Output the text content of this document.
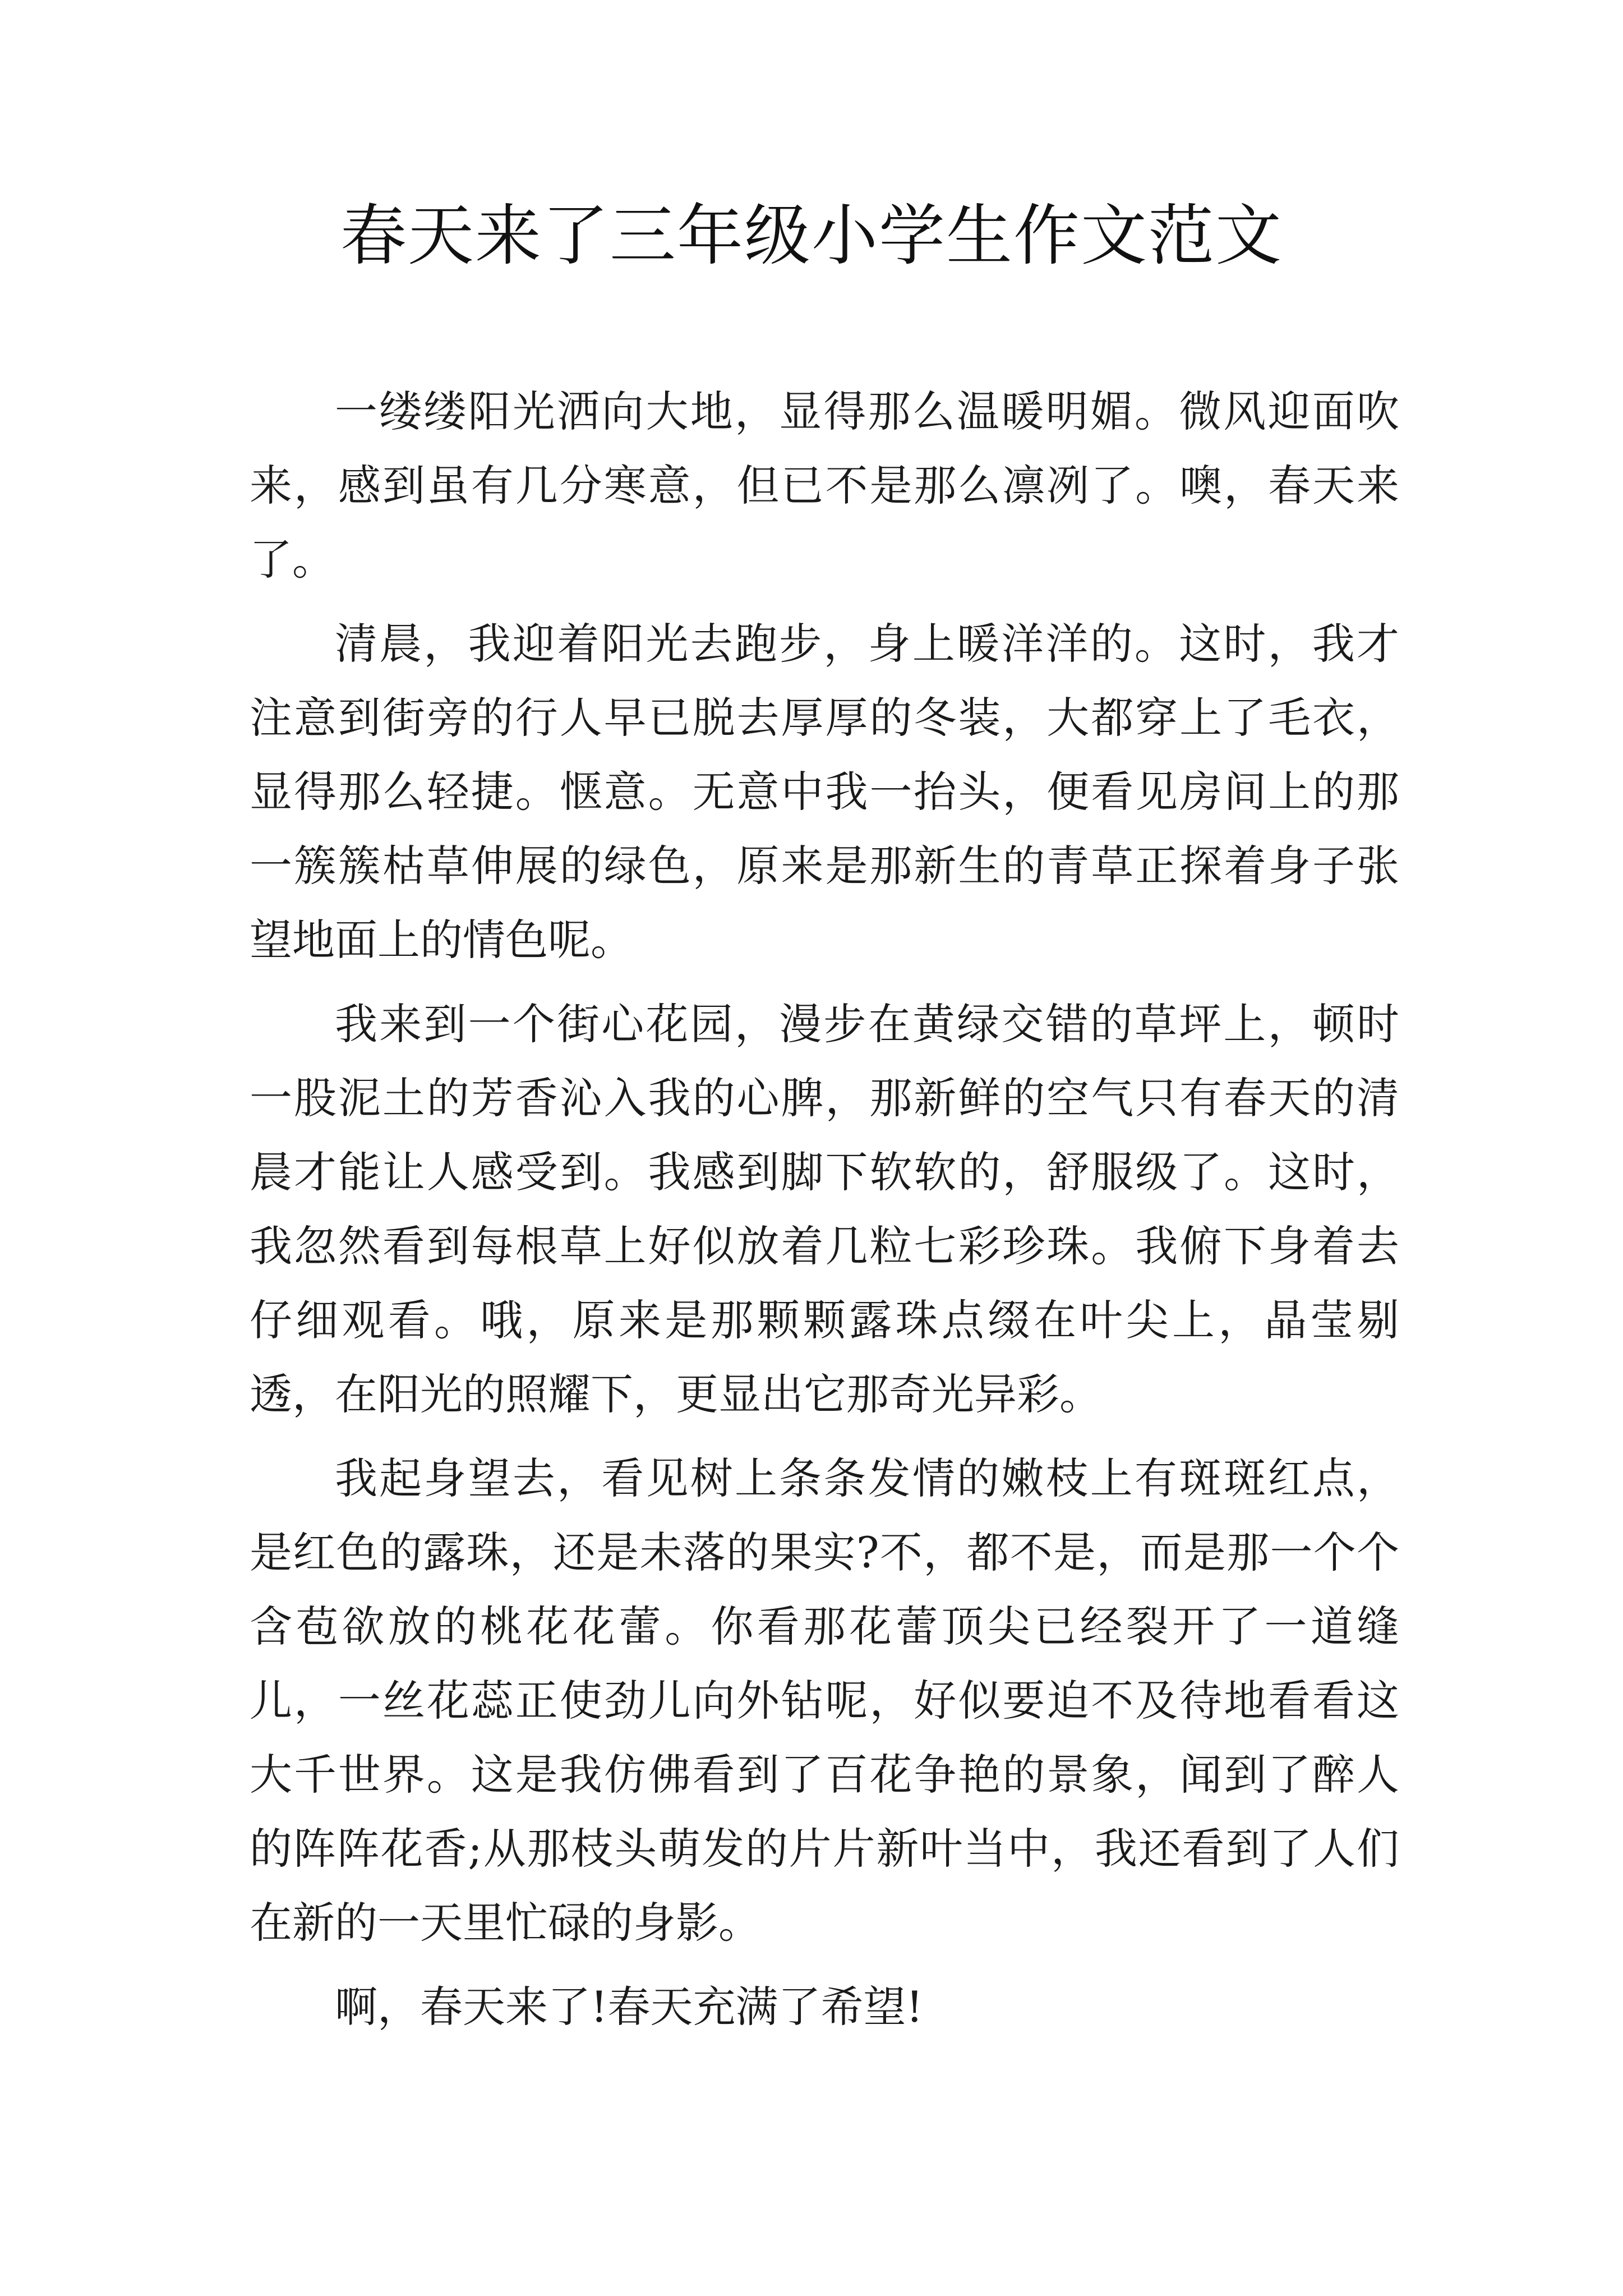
春天来了三年级小学生作文范文

一缕缕阳光洒向大地，显得那么温暖明媚。微风迎面吹来，感到虽有几分寒意，但已不是那么凛冽了。噢，春天来了。

清晨，我迎着阳光去跑步，身上暖洋洋的。这时，我才注意到街旁的行人早已脱去厚厚的冬装，大都穿上了毛衣，显得那么轻捷。惬意。无意中我一抬头，便看见房间上的那一簇簇枯草伸展的绿色，原来是那新生的青草正探着身子张望地面上的情色呢。

我来到一个街心花园，漫步在黄绿交错的草坪上，顿时一股泥土的芳香沁入我的心脾，那新鲜的空气只有春天的清晨才能让人感受到。我感到脚下软软的，舒服级了。这时，我忽然看到每根草上好似放着几粒七彩珍珠。我俯下身着去仔细观看。哦，原来是那颗颗露珠点缀在叶尖上，晶莹剔透，在阳光的照耀下，更显出它那奇光异彩。

我起身望去，看见树上条条发情的嫩枝上有斑斑红点，是红色的露珠，还是未落的果实?不，都不是，而是那一个个含苞欲放的桃花花蕾。你看那花蕾顶尖已经裂开了一道缝儿，一丝花蕊正使劲儿向外钻呢，好似要迫不及待地看看这大千世界。这是我仿佛看到了百花争艳的景象，闻到了醉人的阵阵花香;从那枝头萌发的片片新叶当中，我还看到了人们在新的一天里忙碌的身影。

啊，春天来了!春天充满了希望!
